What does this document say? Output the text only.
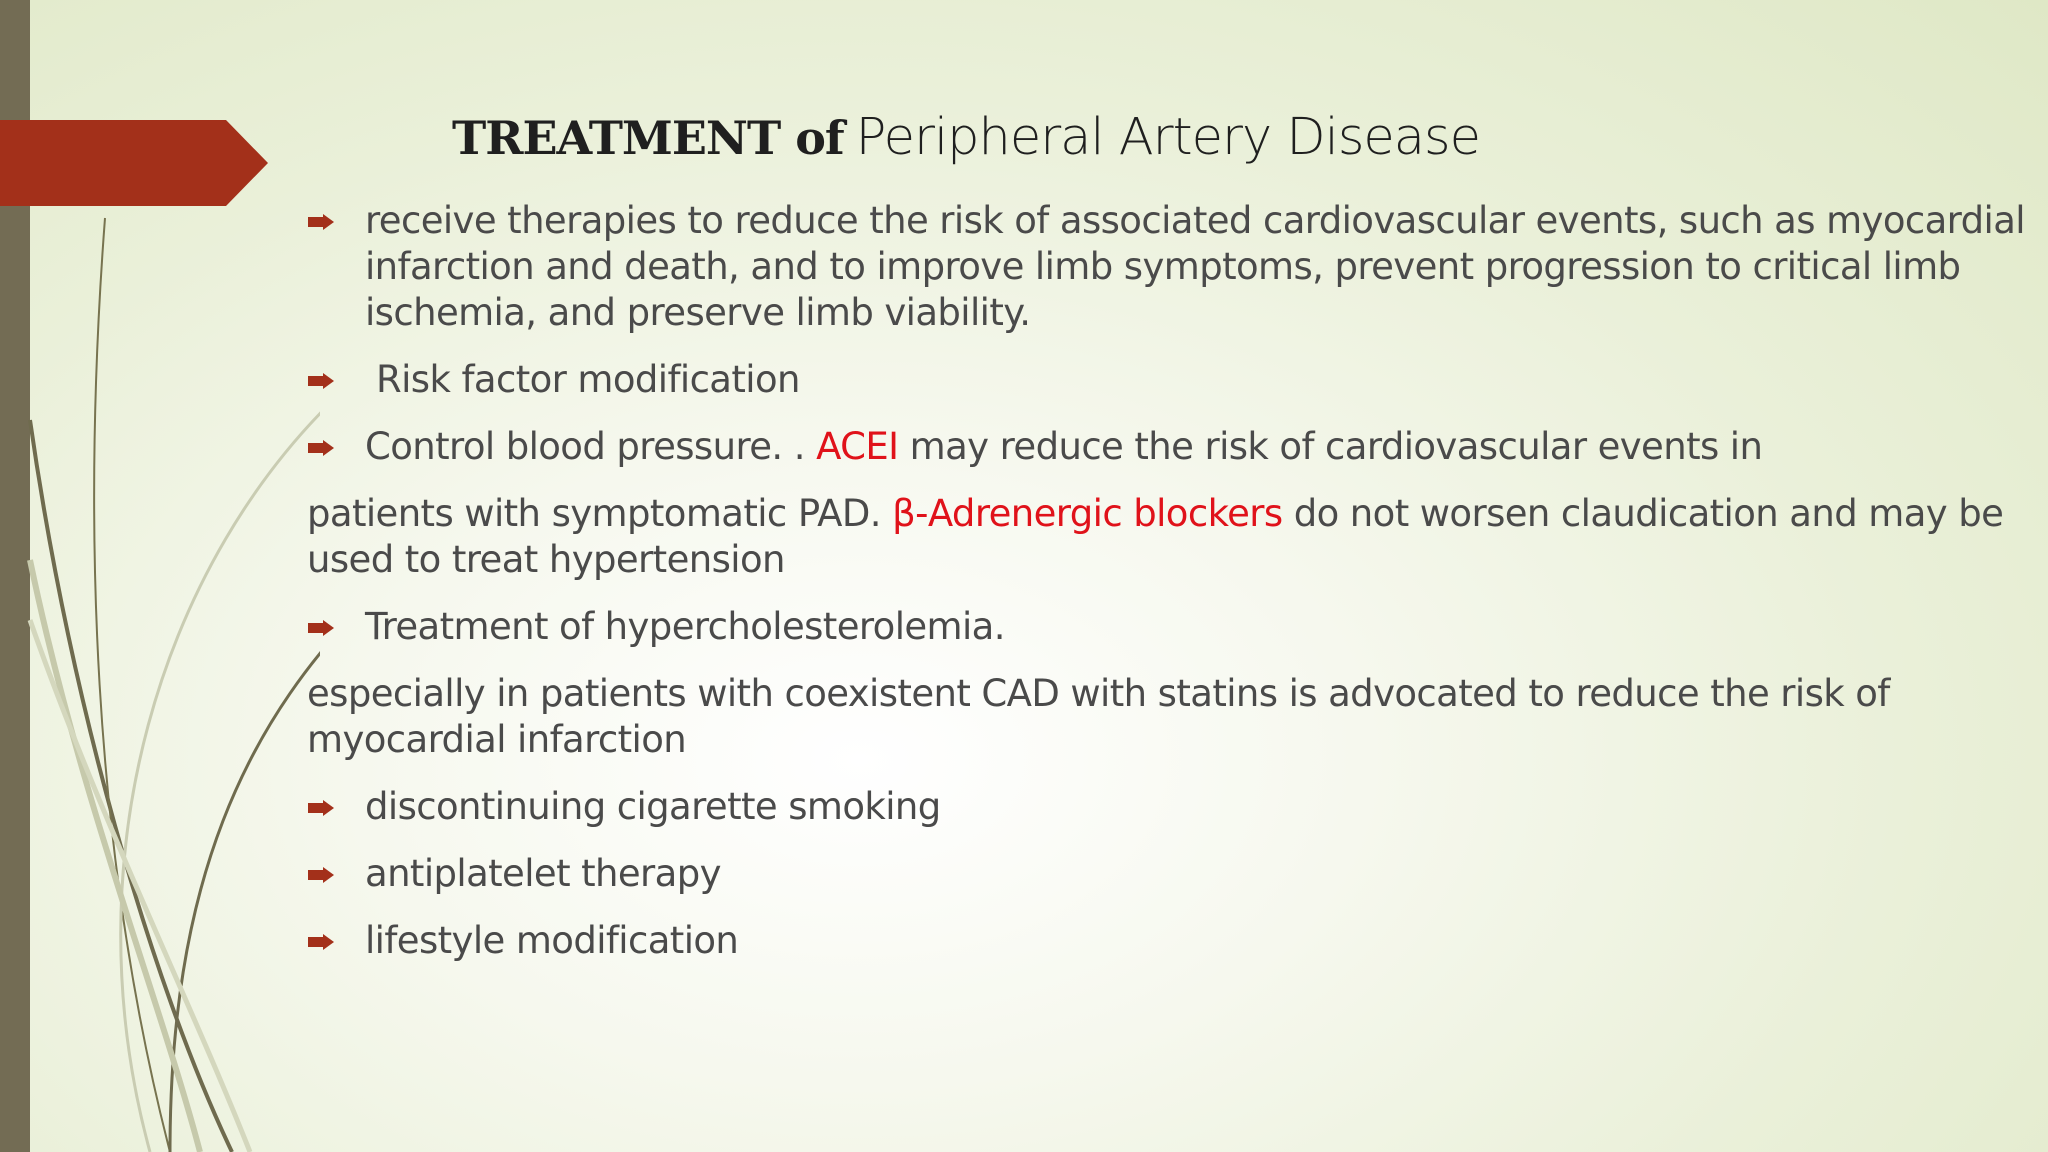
TREATMENT of Peripheral Artery Disease
receive therapies to reduce the risk of associated cardiovascular events, such as myocardial infarction and death, and to improve limb symptoms, prevent progression to critical limb ischemia, and preserve limb viability.
Risk factor modification
Control blood pressure. . ACEI may reduce the risk of cardiovascular events in
patients with symptomatic PAD. β-Adrenergic blockers do not worsen claudication and may be used to treat hypertension
Treatment of hypercholesterolemia.
especially in patients with coexistent CAD with statins is advocated to reduce the risk of myocardial infarction
discontinuing cigarette smoking
antiplatelet therapy
lifestyle modification
